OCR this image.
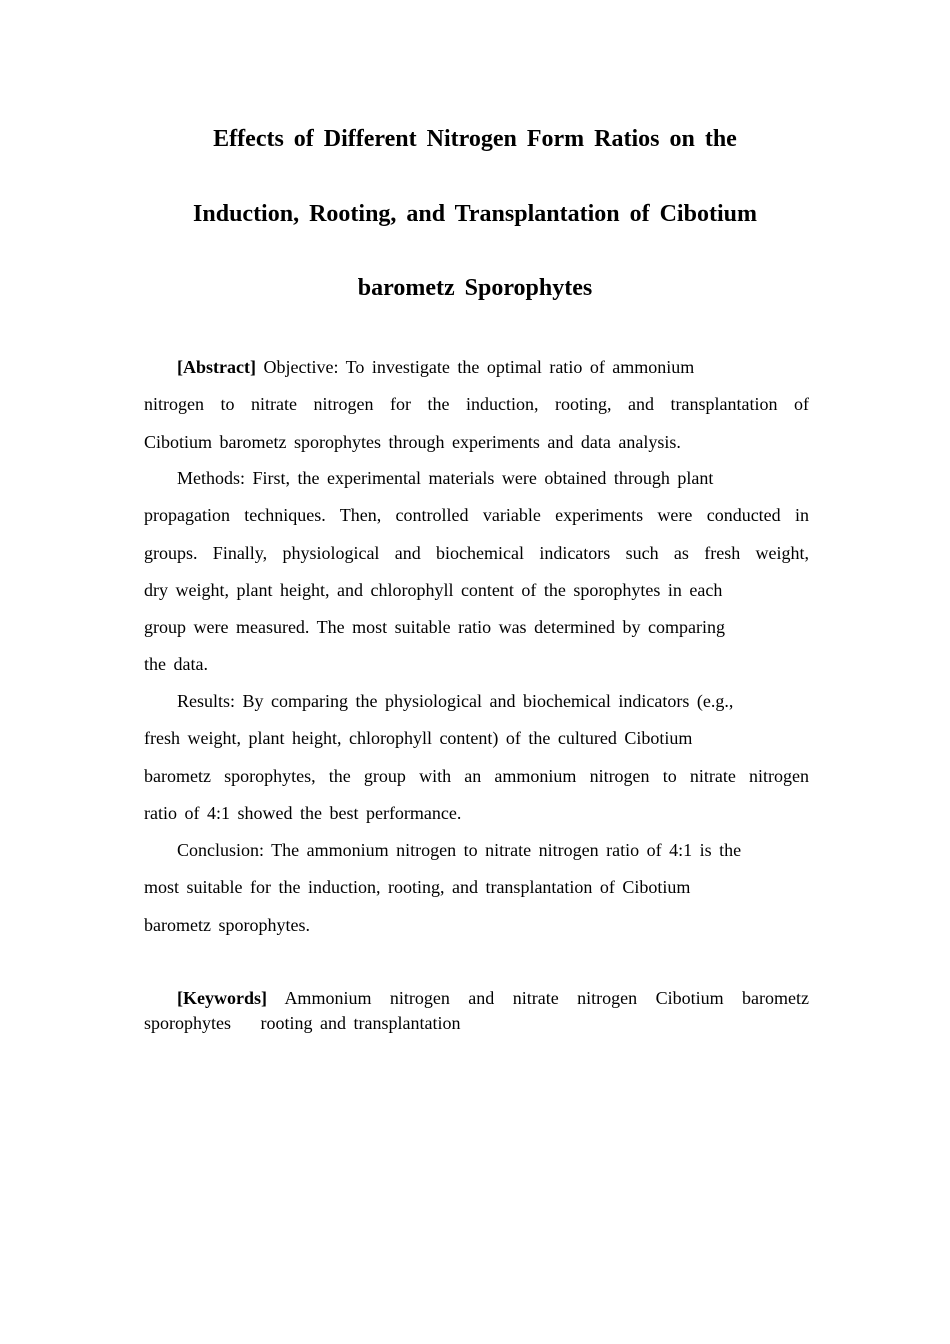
Effects of Different Nitrogen Form Ratios on the
Induction, Rooting, and Transplantation of Cibotium
barometz Sporophytes
[Abstract] Objective: To investigate the optimal ratio of ammonium
nitrogen to nitrate nitrogen for the induction, rooting, and transplantation of
Cibotium barometz sporophytes through experiments and data analysis.
Methods: First, the experimental materials were obtained through plant
propagation techniques. Then, controlled variable experiments were conducted in
groups. Finally, physiological and biochemical indicators such as fresh weight,
dry weight, plant height, and chlorophyll content of the sporophytes in each
group were measured. The most suitable ratio was determined by comparing
the data.
Results: By comparing the physiological and biochemical indicators (e.g.,
fresh weight, plant height, chlorophyll content) of the cultured Cibotium
barometz sporophytes, the group with an ammonium nitrogen to nitrate nitrogen
ratio of 4:1 showed the best performance.
Conclusion: The ammonium nitrogen to nitrate nitrogen ratio of 4:1 is the
most suitable for the induction, rooting, and transplantation of Cibotium
barometz sporophytes.
[Keywords] Ammonium nitrogen and nitrate nitrogen Cibotium barometz
sporophytes rooting and transplantation
